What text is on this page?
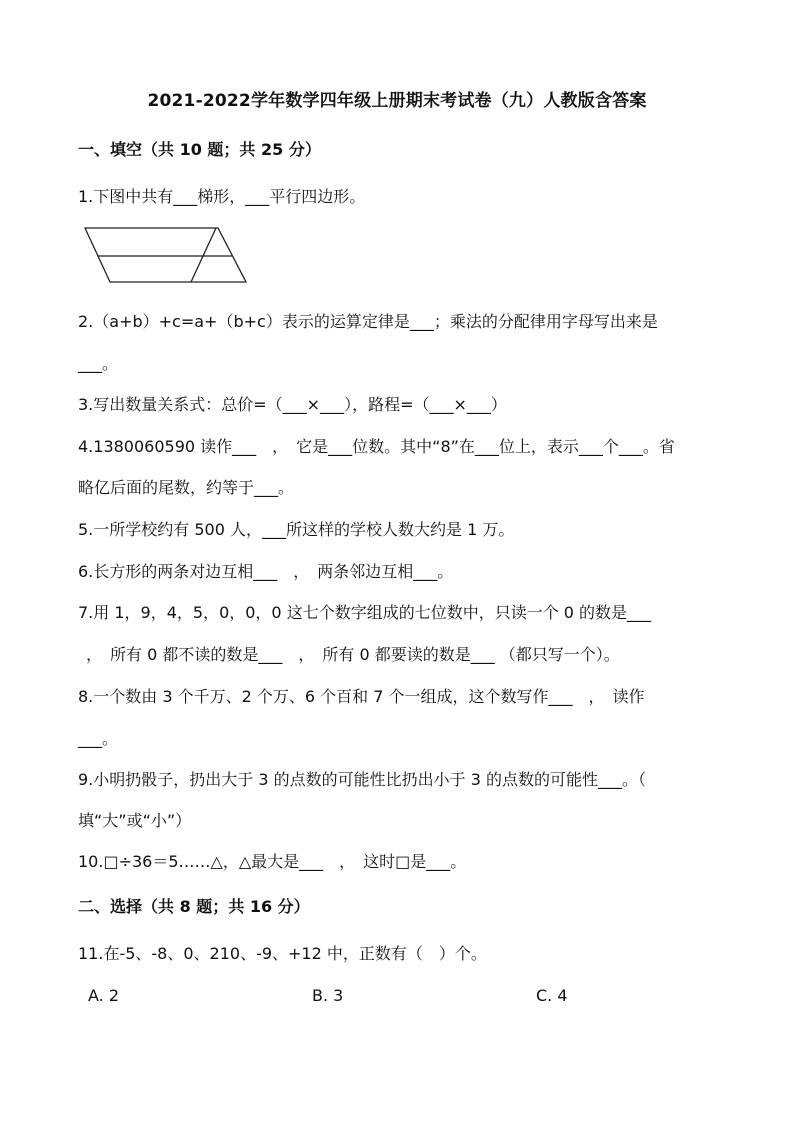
2021-2022学年数学四年级上册期末考试卷（九）人教版含答案
一、填空（共 10 题；共 25 分）
1.下图中共有___梯形，___平行四边形。
2.（a+b）+c=a+（b+c）表示的运算定律是___；乘法的分配律用字母写出来是
___。
3.写出数量关系式：总价=（___×___），路程=（___×___）
4.1380060590 读作___　，　它是___位数。其中“8”在___位上，表示___个___。省
略亿后面的尾数，约等于___。
5.一所学校约有 500 人，___所这样的学校人数大约是 1 万。
6.长方形的两条对边互相___　，　两条邻边互相___。
7.用 1，9，4，5，0，0，0 这七个数字组成的七位数中，只读一个 0 的数是___
，　所有 0 都不读的数是___　，　所有 0 都要读的数是___ （都只写一个）。
8.一个数由 3 个千万、2 个万、6 个百和 7 个一组成，这个数写作___　，　读作
___。
9.小明扔骰子，扔出大于 3 的点数的可能性比扔出小于 3 的点数的可能性___。（
填“大”或“小”）
10.□÷36＝5……△，△最大是___　，　这时□是___。
二、选择（共 8 题；共 16 分）
11.在-5、-8、0、210、-9、+12 中，正数有（　）个。
A. 2	B. 3	C. 4
